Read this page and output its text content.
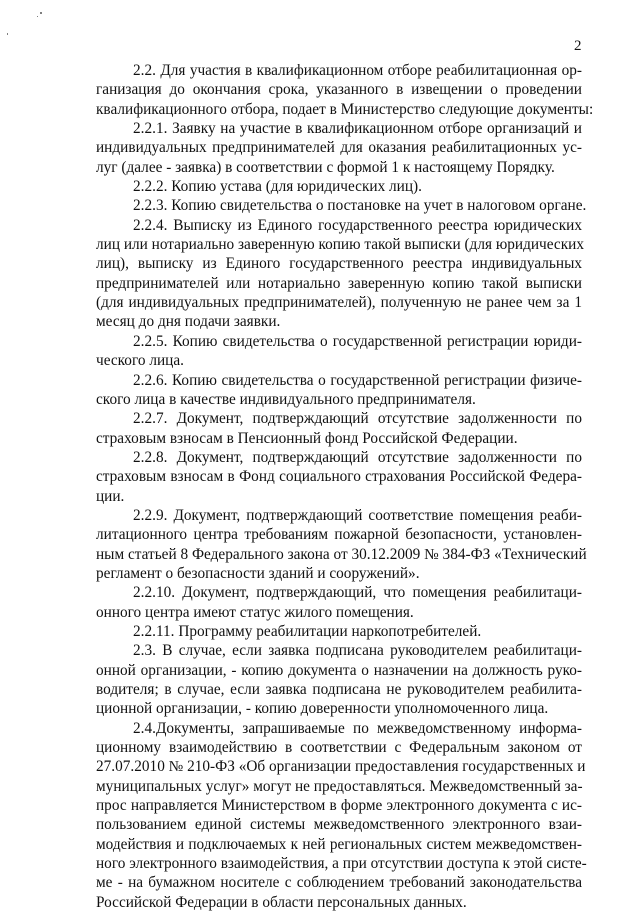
2
2.2. Для участия в квалификационном отборе реабилитационная ор-
ганизация до окончания срока, указанного в извещении о проведении
квалификационного отбора, подает в Министерство следующие документы:
2.2.1. Заявку на участие в квалификационном отборе организаций и
индивидуальных предпринимателей для оказания реабилитационных ус-
луг (далее - заявка) в соответствии с формой 1 к настоящему Порядку.
2.2.2. Копию устава (для юридических лиц).
2.2.3. Копию свидетельства о постановке на учет в налоговом органе.
2.2.4. Выписку из Единого государственного реестра юридических
лиц или нотариально заверенную копию такой выписки (для юридических
лиц), выписку из Единого государственного реестра индивидуальных
предпринимателей или нотариально заверенную копию такой выписки
(для индивидуальных предпринимателей), полученную не ранее чем за 1
месяц до дня подачи заявки.
2.2.5. Копию свидетельства о государственной регистрации юриди-
ческого лица.
2.2.6. Копию свидетельства о государственной регистрации физиче-
ского лица в качестве индивидуального предпринимателя.
2.2.7. Документ, подтверждающий отсутствие задолженности по
страховым взносам в Пенсионный фонд Российской Федерации.
2.2.8. Документ, подтверждающий отсутствие задолженности по
страховым взносам в Фонд социального страхования Российской Федера-
ции.
2.2.9. Документ, подтверждающий соответствие помещения реаби-
литационного центра требованиям пожарной безопасности, установлен-
ным статьей 8 Федерального закона от 30.12.2009 № 384-ФЗ «Технический
регламент о безопасности зданий и сооружений».
2.2.10. Документ, подтверждающий, что помещения реабилитаци-
онного центра имеют статус жилого помещения.
2.2.11. Программу реабилитации наркопотребителей.
2.3. В случае, если заявка подписана руководителем реабилитаци-
онной организации, - копию документа о назначении на должность руко-
водителя; в случае, если заявка подписана не руководителем реабилита-
ционной организации, - копию доверенности уполномоченного лица.
2.4.Документы, запрашиваемые по межведомственному информа-
ционному взаимодействию в соответствии с Федеральным законом от
27.07.2010 № 210-ФЗ «Об организации предоставления государственных и
муниципальных услуг» могут не предоставляться. Межведомственный за-
прос направляется Министерством в форме электронного документа с ис-
пользованием единой системы межведомственного электронного взаи-
модействия и подключаемых к ней региональных систем межведомствен-
ного электронного взаимодействия, а при отсутствии доступа к этой систе-
ме - на бумажном носителе с соблюдением требований законодательства
Российской Федерации в области персональных данных.
